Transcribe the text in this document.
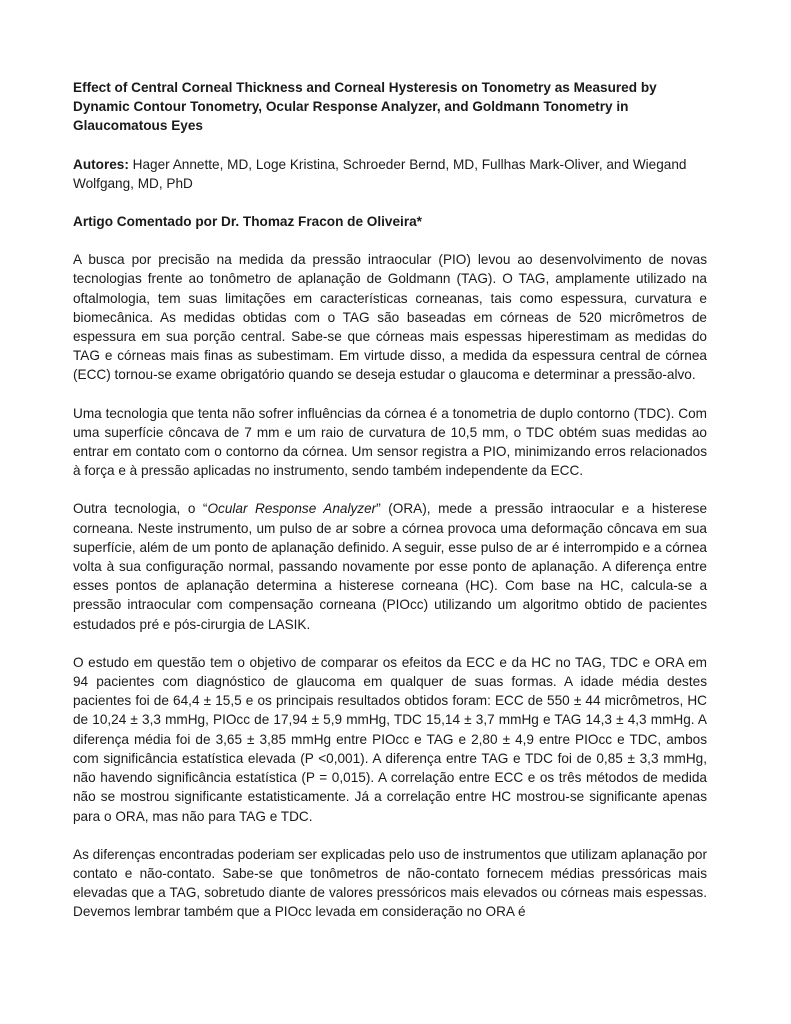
Effect of Central Corneal Thickness and Corneal Hysteresis on Tonometry as Measured by Dynamic Contour Tonometry, Ocular Response Analyzer, and Goldmann Tonometry in Glaucomatous Eyes

Autores: Hager Annette, MD, Loge Kristina, Schroeder Bernd, MD, Fullhas Mark-Oliver, and Wiegand Wolfgang, MD, PhD

Artigo Comentado por Dr. Thomaz Fracon de Oliveira*

A busca por precisão na medida da pressão intraocular (PIO) levou ao desenvolvimento de novas tecnologias frente ao tonômetro de aplanação de Goldmann (TAG). O TAG, amplamente utilizado na oftalmologia, tem suas limitações em características corneanas, tais como espessura, curvatura e biomecânica. As medidas obtidas com o TAG são baseadas em córneas de 520 micrômetros de espessura em sua porção central. Sabe-se que córneas mais espessas hiperestimam as medidas do TAG e córneas mais finas as subestimam. Em virtude disso, a medida da espessura central de córnea (ECC) tornou-se exame obrigatório quando se deseja estudar o glaucoma e determinar a pressão-alvo.

Uma tecnologia que tenta não sofrer influências da córnea é a tonometria de duplo contorno (TDC). Com uma superfície côncava de 7 mm e um raio de curvatura de 10,5 mm, o TDC obtém suas medidas ao entrar em contato com o contorno da córnea. Um sensor registra a PIO, minimizando erros relacionados à força e à pressão aplicadas no instrumento, sendo também independente da ECC.

Outra tecnologia, o “Ocular Response Analyzer” (ORA), mede a pressão intraocular e a histerese corneana. Neste instrumento, um pulso de ar sobre a córnea provoca uma deformação côncava em sua superfície, além de um ponto de aplanação definido. A seguir, esse pulso de ar é interrompido e a córnea volta à sua configuração normal, passando novamente por esse ponto de aplanação. A diferença entre esses pontos de aplanação determina a histerese corneana (HC). Com base na HC, calcula-se a pressão intraocular com compensação corneana (PIOcc) utilizando um algoritmo obtido de pacientes estudados pré e pós-cirurgia de LASIK.

O estudo em questão tem o objetivo de comparar os efeitos da ECC e da HC no TAG, TDC e ORA em 94 pacientes com diagnóstico de glaucoma em qualquer de suas formas. A idade média destes pacientes foi de 64,4 ± 15,5 e os principais resultados obtidos foram: ECC de 550 ± 44 micrômetros, HC de 10,24 ± 3,3 mmHg, PIOcc de 17,94 ± 5,9 mmHg, TDC 15,14 ± 3,7 mmHg e TAG 14,3 ± 4,3 mmHg. A diferença média foi de 3,65 ± 3,85 mmHg entre PIOcc e TAG e 2,80 ± 4,9 entre PIOcc e TDC, ambos com significância estatística elevada (P <0,001). A diferença entre TAG e TDC foi de 0,85 ± 3,3 mmHg, não havendo significância estatística (P = 0,015). A correlação entre ECC e os três métodos de medida não se mostrou significante estatisticamente. Já a correlação entre HC mostrou-se significante apenas para o ORA, mas não para TAG e TDC.

As diferenças encontradas poderiam ser explicadas pelo uso de instrumentos que utilizam aplanação por contato e não-contato. Sabe-se que tonômetros de não-contato fornecem médias pressóricas mais elevadas que a TAG, sobretudo diante de valores pressóricos mais elevados ou córneas mais espessas. Devemos lembrar também que a PIOcc levada em consideração no ORA é
